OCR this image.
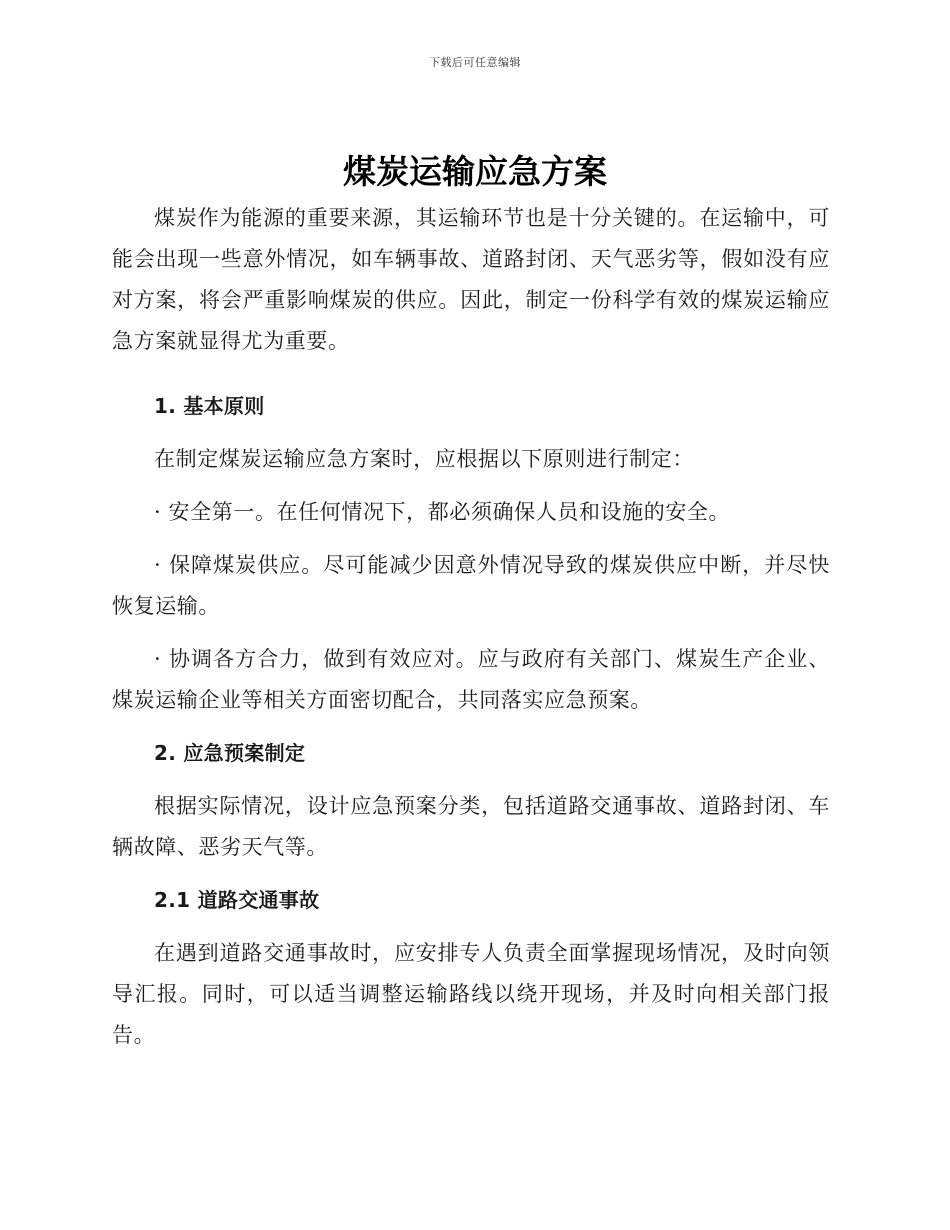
下载后可任意编辑
煤炭运输应急方案

煤炭作为能源的重要来源，其运输环节也是十分关键的。在运输中，可能会出现一些意外情况，如车辆事故、道路封闭、天气恶劣等，假如没有应对方案，将会严重影响煤炭的供应。因此，制定一份科学有效的煤炭运输应急方案就显得尤为重要。

1. 基本原则

在制定煤炭运输应急方案时，应根据以下原则进行制定：

· 安全第一。在任何情况下，都必须确保人员和设施的安全。

· 保障煤炭供应。尽可能减少因意外情况导致的煤炭供应中断，并尽快恢复运输。

· 协调各方合力，做到有效应对。应与政府有关部门、煤炭生产企业、煤炭运输企业等相关方面密切配合，共同落实应急预案。

2. 应急预案制定

根据实际情况，设计应急预案分类，包括道路交通事故、道路封闭、车辆故障、恶劣天气等。

2.1 道路交通事故

在遇到道路交通事故时，应安排专人负责全面掌握现场情况，及时向领导汇报。同时，可以适当调整运输路线以绕开现场，并及时向相关部门报告。
